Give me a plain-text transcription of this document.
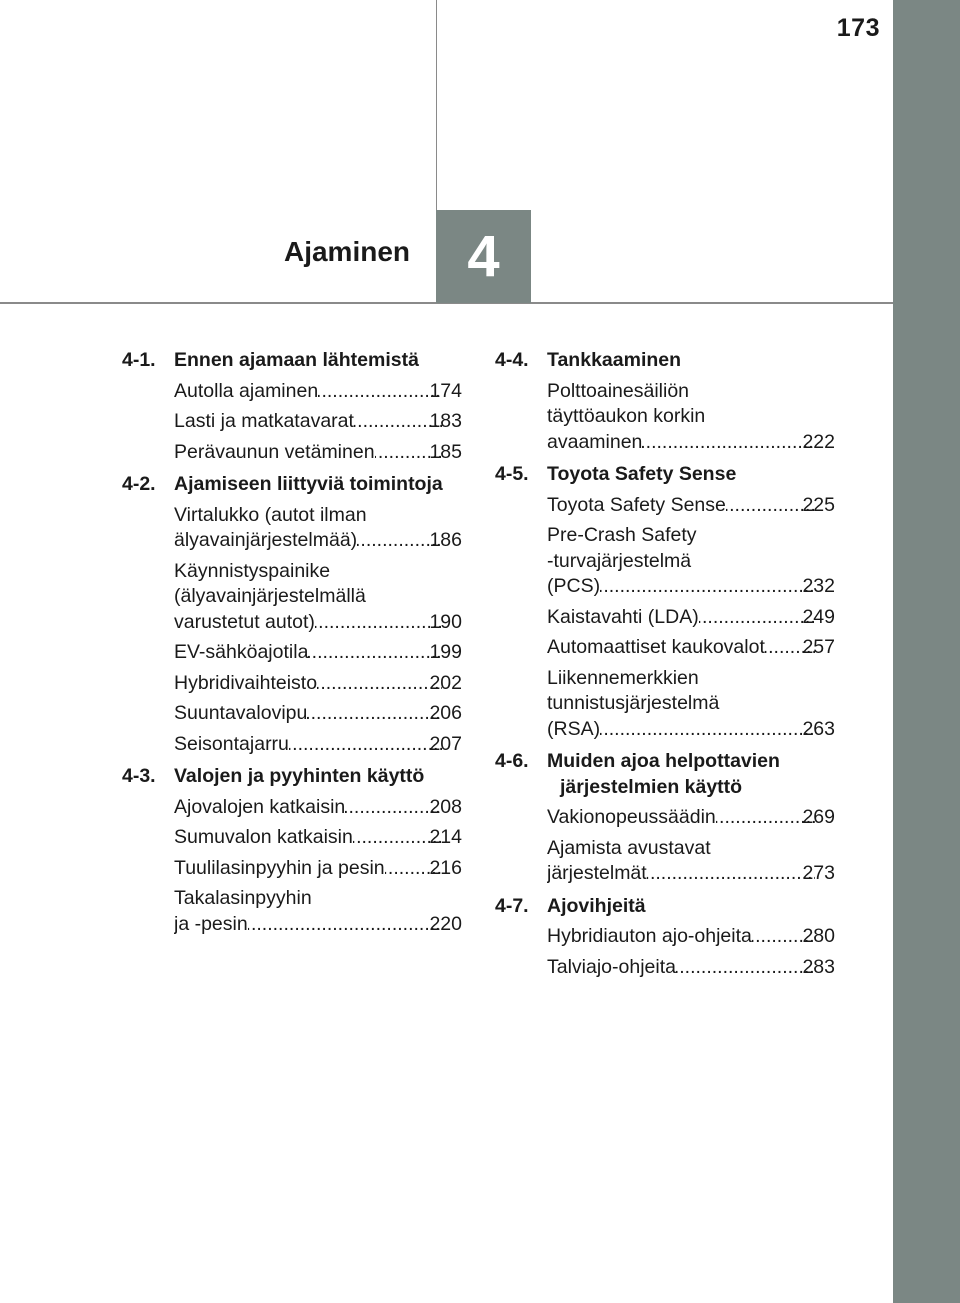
173
4
Ajaminen
4-1. Ennen ajamaan lähtemistä
Autolla ajaminen .....	174
Lasti ja matkatavarat .....	183
Perävaunun vetäminen .....	185
4-2. Ajamiseen liittyviä toimintoja
Virtalukko (autot ilman
älyavainjärjestelmää) .....	186
Käynnistyspainike
(älyavainjärjestelmällä
varustetut autot) .....	190
EV-sähköajotila .....	199
Hybridivaihteisto .....	202
Suuntavalovipu .....	206
Seisontajarru .....	207
4-3. Valojen ja pyyhinten käyttö
Ajovalojen katkaisin .....	208
Sumuvalon katkaisin .....	214
Tuulilasinpyyhin ja pesin ..... 216
Takalasinpyyhin
ja -pesin .....	220
4-4. Tankkaaminen
Polttoainesäiliön
täyttöaukon korkin
avaaminen .....	222
4-5. Toyota Safety Sense
Toyota Safety Sense .....	225
Pre-Crash Safety
-turvajärjestelmä
(PCS) .....	232
Kaistavahti (LDA) .....	249
Automaattiset kaukovalot ..... 257
Liikennemerkkien
tunnistusjärjestelmä
(RSA) .....	263
4-6. Muiden ajoa helpottavien järjestelmien käyttö
Vakionopeussäädin .....	269
Ajamista avustavat
järjestelmät .....	273
4-7. Ajovihjeitä
Hybridiauton ajo-ohjeita .....	280
Talviajo-ohjeita .....	283
